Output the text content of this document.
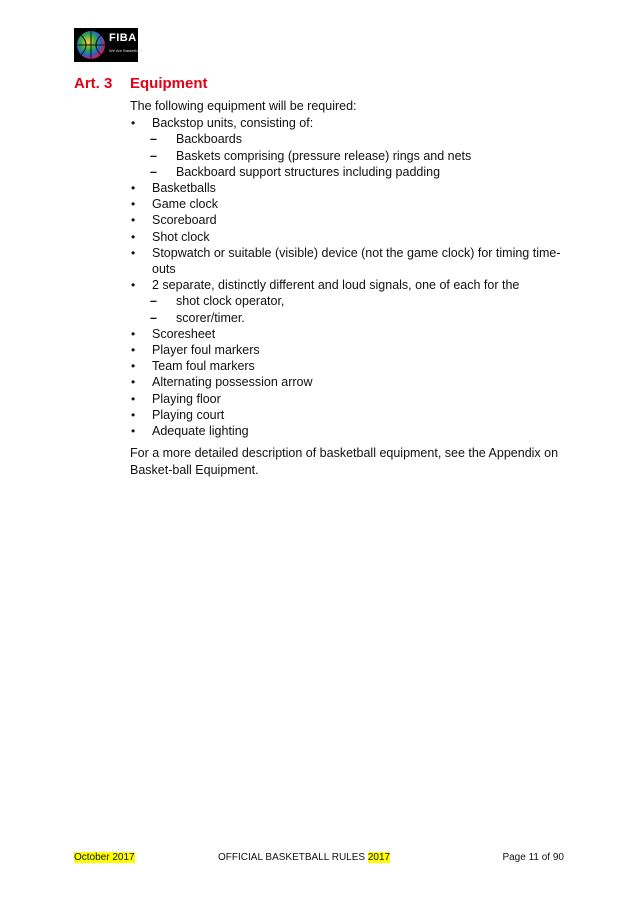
FIBA
We Are Basketball
Art. 3 Equipment

The following equipment will be required:

• Backstop units, consisting of:
– Backboards
– Baskets comprising (pressure release) rings and nets
– Backboard support structures including padding
• Basketballs
• Game clock
• Scoreboard
• Shot clock
• Stopwatch or suitable (visible) device (not the game clock) for timing time-outs
• 2 separate, distinctly different and loud signals, one of each for the
– shot clock operator,
– scorer/timer.
• Scoresheet
• Player foul markers
• Team foul markers
• Alternating possession arrow
• Playing floor
• Playing court
• Adequate lighting

For a more detailed description of basketball equipment, see the Appendix on Basket-ball Equipment.

October 2017	OFFICIAL BASKETBALL RULES 2017	Page 11 of 90
